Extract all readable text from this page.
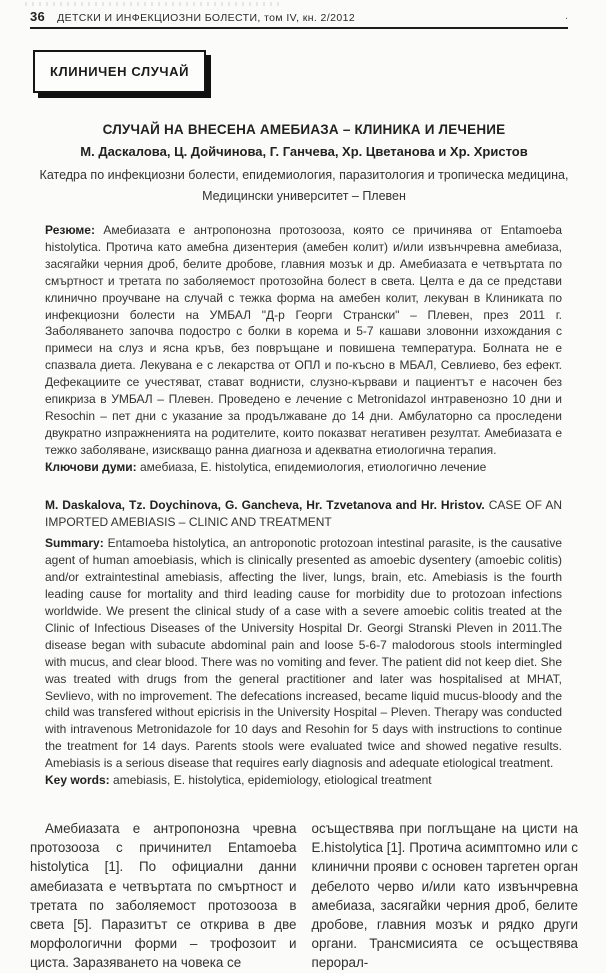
.
36 ДЕТСКИ И ИНФЕКЦИОЗНИ БОЛЕСТИ, том IV, кн. 2/2012
КЛИНИЧЕН СЛУЧАЙ

СЛУЧАЙ НА ВНЕСЕНА АМЕБИАЗА – КЛИНИКА И ЛЕЧЕНИЕ

М. Даскалова, Ц. Дойчинова, Г. Ганчева, Хр. Цветанова и Хр. Христов

Катедра по инфекциозни болести, епидемиология, паразитология и тропическа медицина,

Медицински университет – Плевен

Резюме: Амебиазата е антропонозна протозооза, която се причинява от Entamoeba histolytica. Протича като амебна дизентерия (амебен колит) и/или извънчревна амебиаза, засягайки черния дроб, белите дробове, главния мозък и др. Амебиазата е четвъртата по смъртност и третата по заболяемост протозойна болест в света. Целта е да се представи клинично проучване на случай с тежка форма на амебен колит, лекуван в Клиниката по инфекциозни болести на УМБАЛ "Д-р Георги Странски" – Плевен, през 2011 г. Заболяването започва подостро с болки в корема и 5-7 кашави зловонни изхождания с примеси на слуз и ясна кръв, без повръщане и повишена температура. Болната не е спазвала диета. Лекувана е с лекарства от ОПЛ и по-късно в МБАЛ, Севлиево, без ефект. Дефекациите се учестяват, стават воднисти, слузно-кървави и пациентът е насочен без епикриза в УМБАЛ – Плевен. Проведено е лечение с Metronidazol интравенозно 10 дни и Resochin – пет дни с указание за продължаване до 14 дни. Амбулаторно са проследени двукратно изпражненията на родителите, които показват негативен резултат. Амебиазата е тежко заболяване, изискващо ранна диагноза и адекватна етиологична терапия.

Ключови думи: амебиаза, E. histolytica, епидемиология, етиологично лечение

M. Daskalova, Tz. Doychinova, G. Gancheva, Hr. Tzvetanova and Hr. Hristov. CASE OF AN IMPORTED AMEBIASIS – CLINIC AND TREATMENT

Summary: Entamoeba histolytica, an antroponotic protozoan intestinal parasite, is the causative agent of human amoebiasis, which is clinically presented as amoebic dysentery (amoebic colitis) and/or extraintestinal amebiasis, affecting the liver, lungs, brain, etc. Amebiasis is the fourth leading cause for mortality and third leading cause for morbidity due to protozoan infections worldwide. We present the clinical study of a case with a severe amoebic colitis treated at the Clinic of Infectious Diseases of the University Hospital Dr. Georgi Stranski Pleven in 2011.The disease began with subacute abdominal pain and loose 5-6-7 malodorous stools intermingled with mucus, and clear blood. There was no vomiting and fever. The patient did not keep diet. She was treated with drugs from the general practitioner and later was hospitalised at MHAT, Sevlievo, with no improvement. The defecations increased, became liquid mucus-bloody and the child was transfered without epicrisis in the University Hospital – Pleven. Therapy was conducted with intravenous Metronidazole for 10 days and Resohin for 5 days with instructions to continue the treatment for 14 days. Parents stools were evaluated twice and showed negative results. Amebiasis is a serious disease that requires early diagnosis and adequate etiological treatment.

Key words: amebiasis, E. histolytica, epidemiology, etiological treatment

Амебиазата е антропонозна чревна протозооза с причинител Entamoeba histolytica [1]. По официални данни амебиазата е четвъртата по смъртност и третата по заболяемост протозооза в света [5]. Паразитът се открива в две морфологични форми – трофозоит и циста. Заразяването на човека се

осъществява при поглъщане на цисти на E.histolytica [1]. Протича асимптомно или с клинични прояви с основен таргетен орган дебелото черво и/или като извънчревна амебиаза, засягайки черния дроб, белите дробове, главния мозък и рядко други органи. Трансмисията се осъществява перорал-
